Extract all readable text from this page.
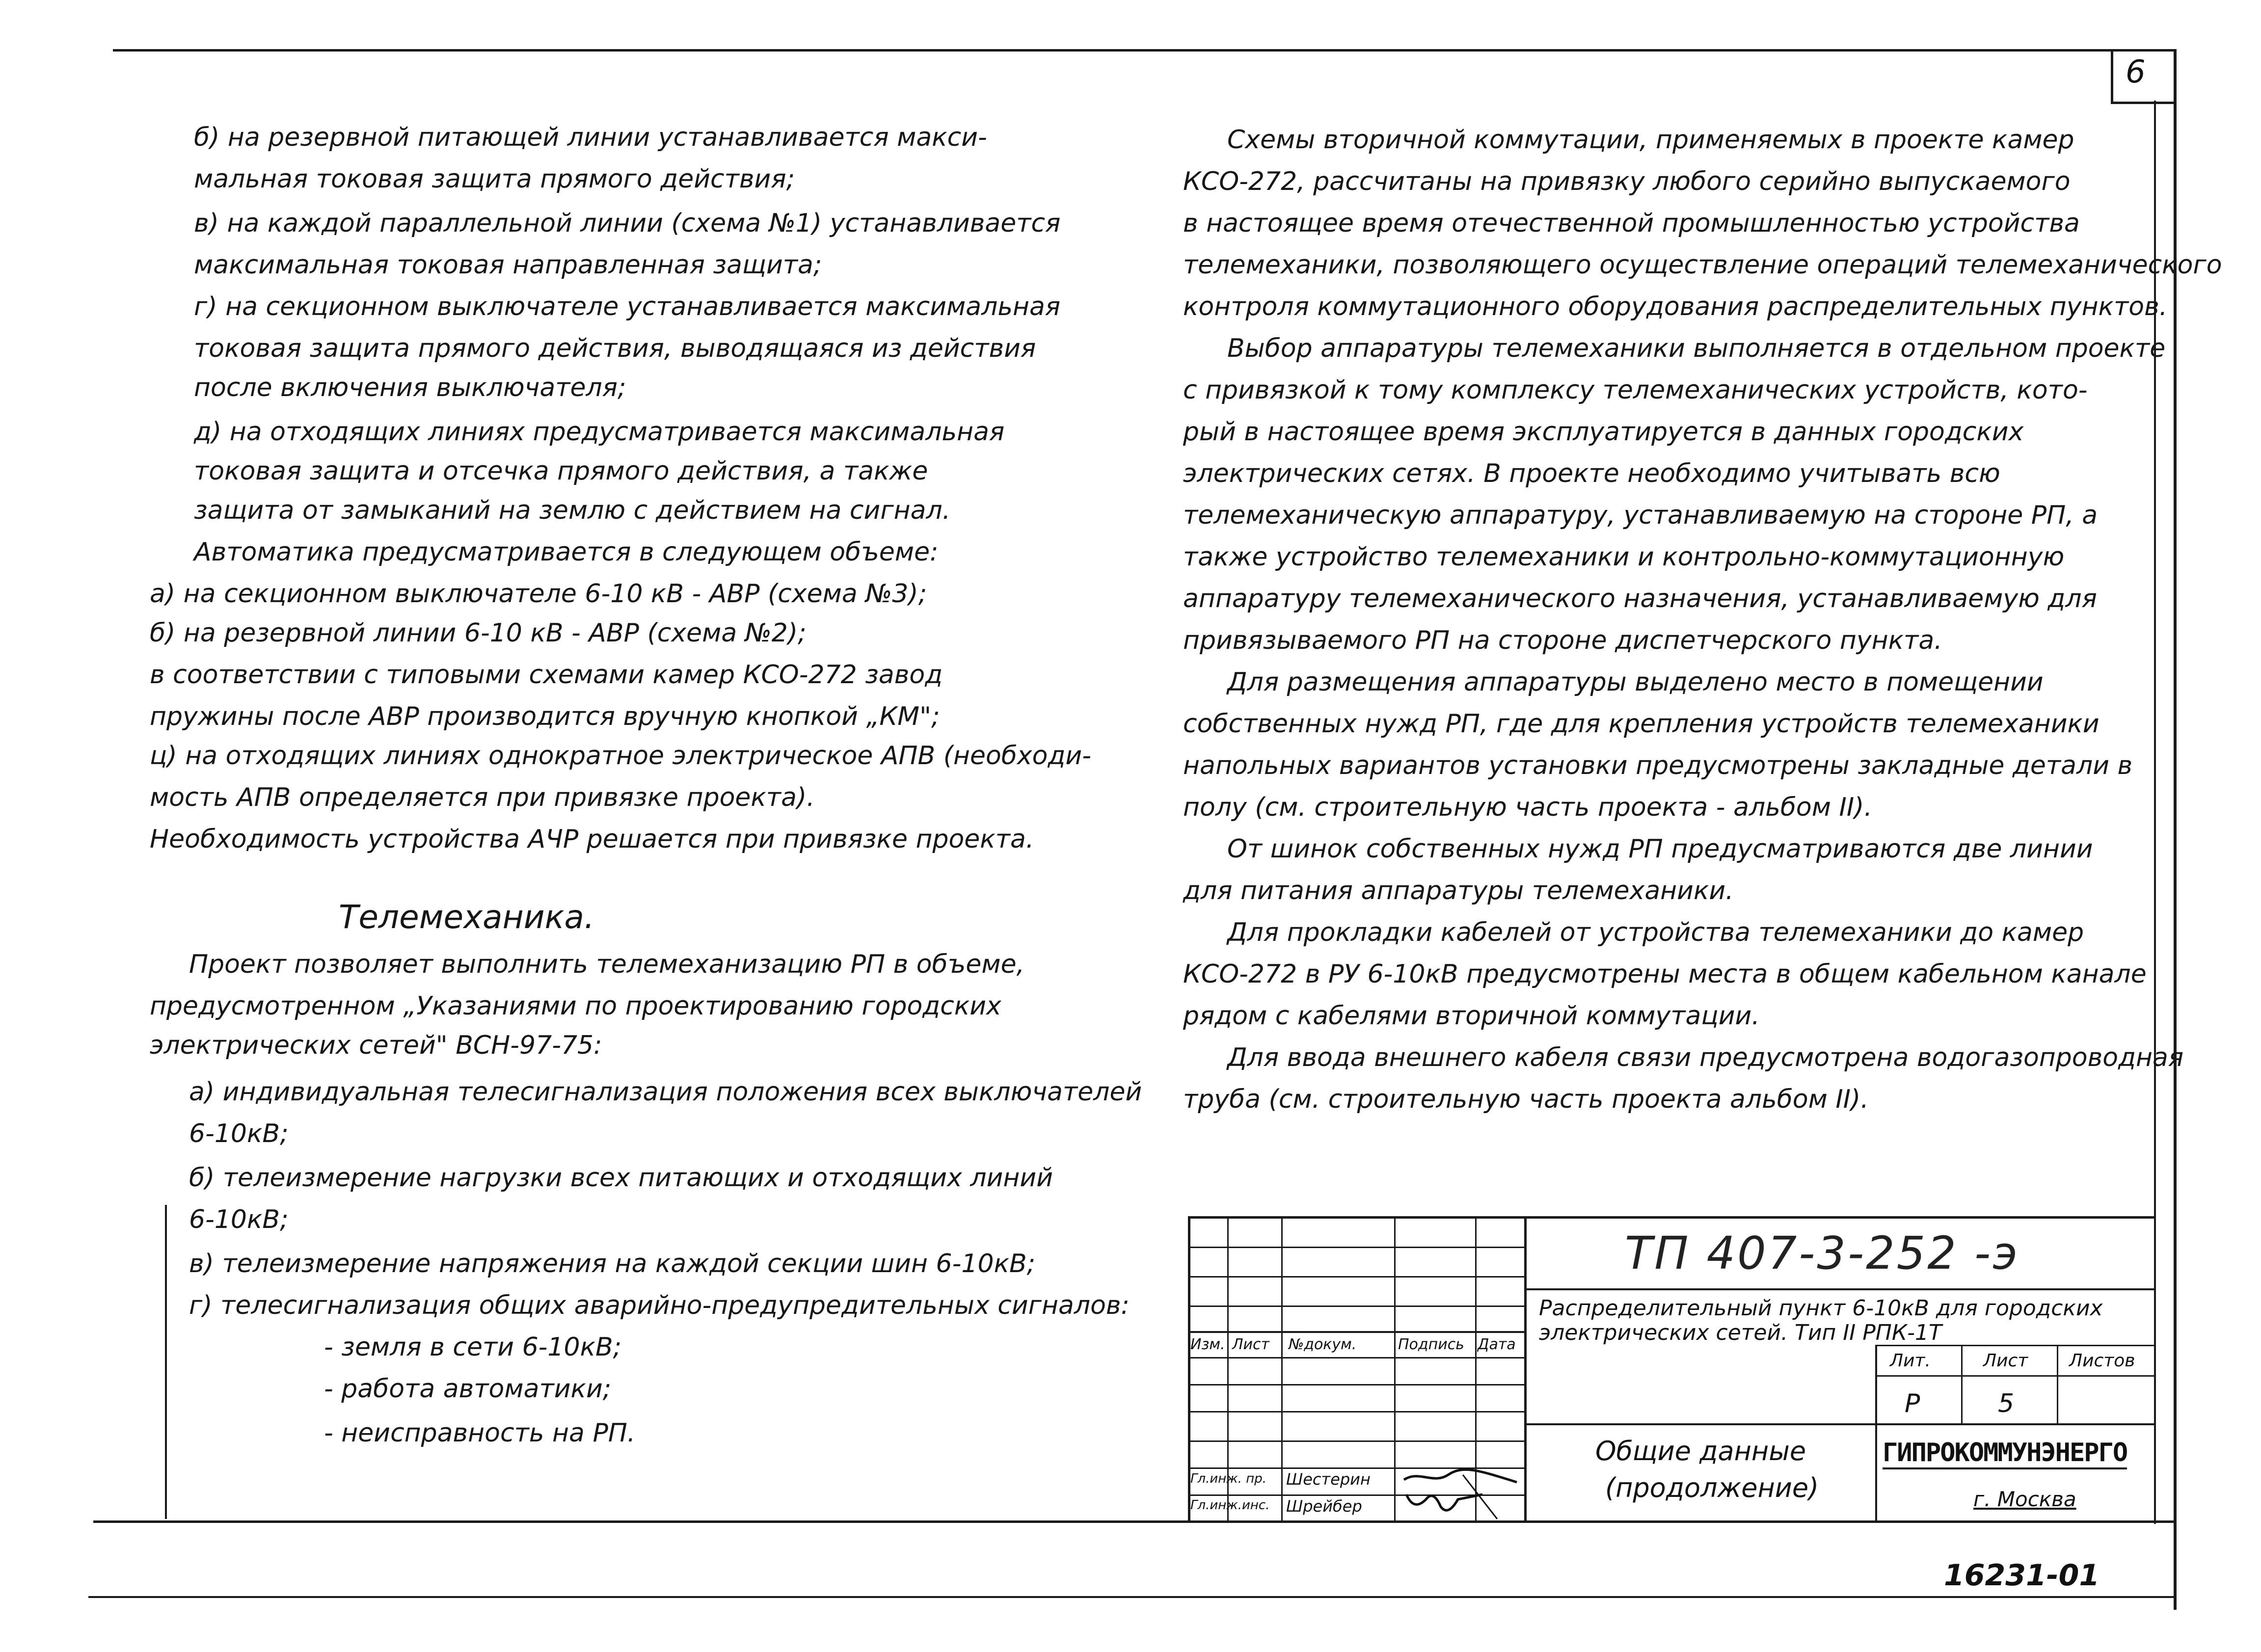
6
б) на резервной питающей линии устанавливается макси-
мальная токовая защита прямого действия;
в) на каждой параллельной линии (схема №1) устанавливается
максимальная токовая направленная защита;
г) на секционном выключателе устанавливается максимальная
токовая защита прямого действия, выводящаяся из действия
после включения выключателя;
д) на отходящих линиях предусматривается максимальная
токовая защита и отсечка прямого действия, а также
защита от замыканий на землю с действием на сигнал.
Автоматика предусматривается в следующем объеме:
а) на секционном выключателе 6-10 кВ - АВР (схема №3);
б) на резервной линии 6-10 кВ - АВР (схема №2);
в соответствии с типовыми схемами камер КСО-272 завод
пружины после АВР производится вручную кнопкой „КМ";
ц) на отходящих линиях однократное электрическое АПВ (необходи-
мость АПВ определяется при привязке проекта).
Необходимость устройства АЧР решается при привязке проекта.
Телемеханика.
Проект позволяет выполнить телемеханизацию РП в объеме,
предусмотренном „Указаниями по проектированию городских
электрических сетей" ВСН-97-75:
а) индивидуальная телесигнализация положения всех выключателей
6-10кВ;
б) телеизмерение нагрузки всех питающих и отходящих линий
6-10кВ;
в) телеизмерение напряжения на каждой секции шин 6-10кВ;
г) телесигнализация общих аварийно-предупредительных сигналов:
- земля в сети 6-10кВ;
- работа автоматики;
- неисправность на РП.
Схемы вторичной коммутации, применяемых в проекте камер
КСО-272, рассчитаны на привязку любого серийно выпускаемого
в настоящее время отечественной промышленностью устройства
телемеханики, позволяющего осуществление операций телемеханического
контроля коммутационного оборудования распределительных пунктов.
Выбор аппаратуры телемеханики выполняется в отдельном проекте
с привязкой к тому комплексу телемеханических устройств, кото-
рый в настоящее время эксплуатируется в данных городских
электрических сетях. В проекте необходимо учитывать всю
телемеханическую аппаратуру, устанавливаемую на стороне РП, а
также устройство телемеханики и контрольно-коммутационную
аппаратуру телемеханического назначения, устанавливаемую для
привязываемого РП на стороне диспетчерского пункта.
Для размещения аппаратуры выделено место в помещении
собственных нужд РП, где для крепления устройств телемеханики
напольных вариантов установки предусмотрены закладные детали в
полу (см. строительную часть проекта - альбом II).
От шинок собственных нужд РП предусматриваются две линии
для питания аппаратуры телемеханики.
Для прокладки кабелей от устройства телемеханики до камер
КСО-272 в РУ 6-10кВ предусмотрены места в общем кабельном канале
рядом с кабелями вторичной коммутации.
Для ввода внешнего кабеля связи предусмотрена водогазопроводная
труба (см. строительную часть проекта альбом II).
ТП 407-3-252 -э
Распределительный пункт 6-10кВ для городских
электрических сетей. Тип II РПК-1Т
Изм. Лист №докум.	Подпись Дата
Лит.	Лист Листов
Р	5
Общие данные
(продолжение)
Гл.инж. пр. Шестерин
Гл.инж.инс. Шрейбер
ГИПРОКОММУНЭНЕРГО
г. Москва
16231-01
